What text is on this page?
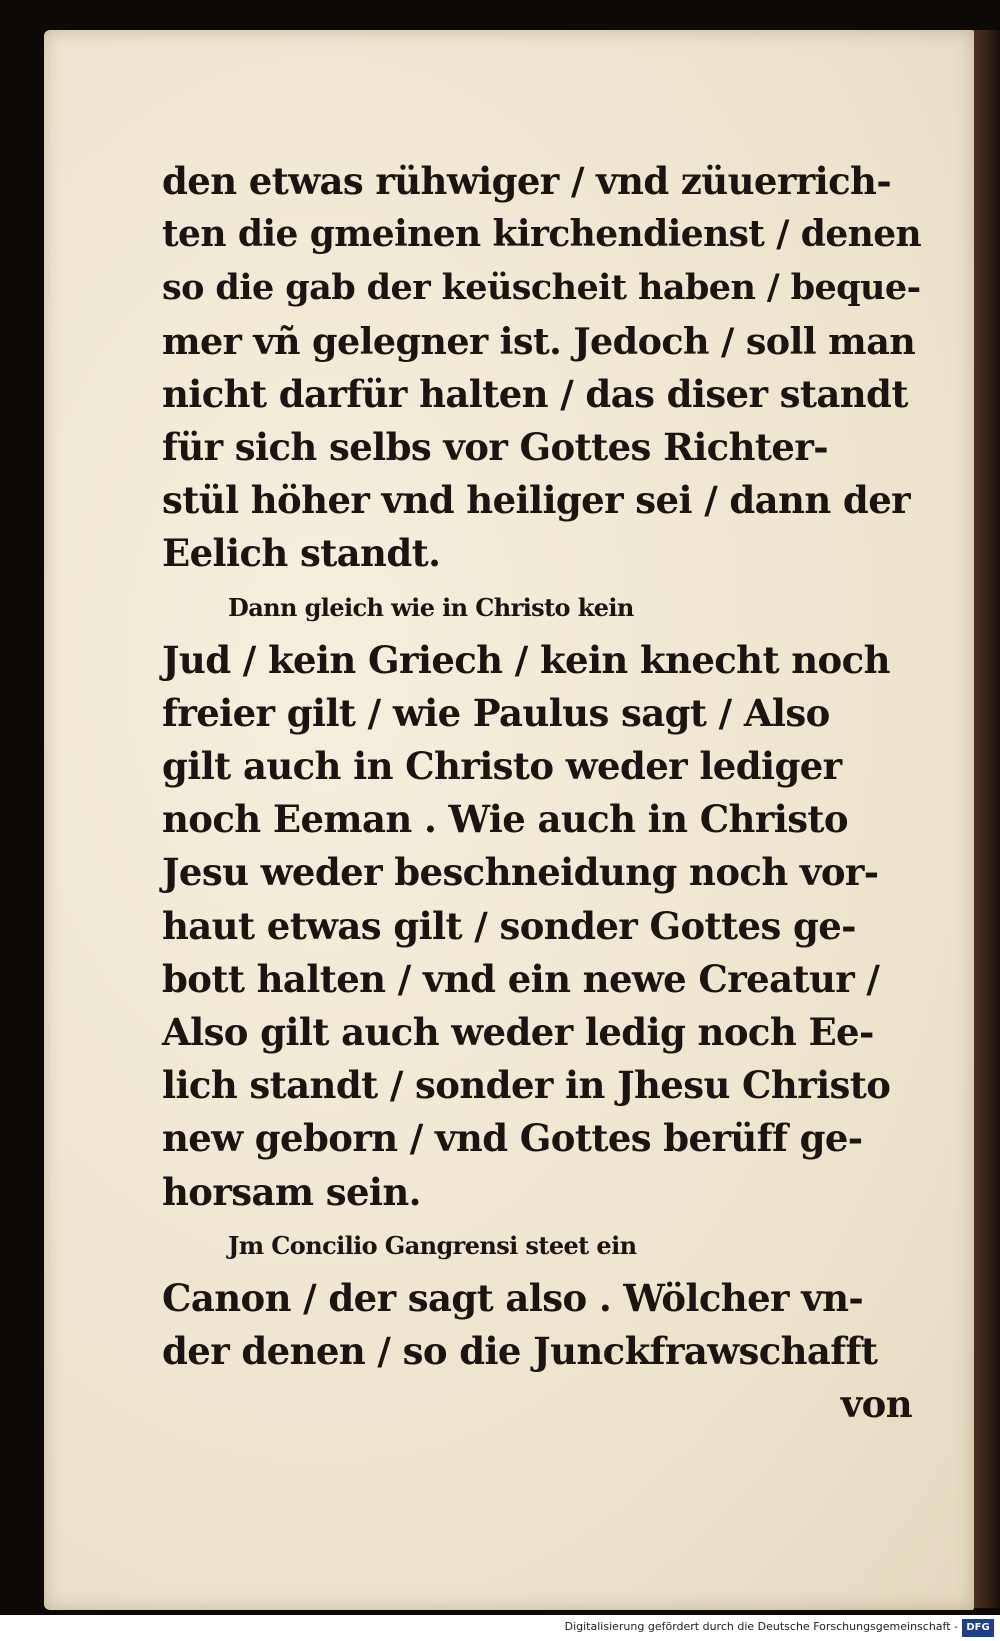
den etwas rühwiger / vnd züuerrich-
ten die gmeinen kirchendienst / denen
so die gab der keüscheit haben / beque-
mer vñ gelegner ist. Jedoch / soll man
nicht darfür halten / das diser standt
für sich selbs vor Gottes Richter-
stül höher vnd heiliger sei / dann der
Eelich standt.
Dann gleich wie in Christo kein
Jud / kein Griech / kein knecht noch
freier gilt / wie Paulus sagt / Also
gilt auch in Christo weder lediger
noch Eeman . Wie auch in Christo
Jesu weder beschneidung noch vor-
haut etwas gilt / sonder Gottes ge-
bott halten / vnd ein newe Creatur /
Also gilt auch weder ledig noch Ee-
lich standt / sonder in Jhesu Christo
new geborn / vnd Gottes berüff ge-
horsam sein.
Jm Concilio Gangrensi steet ein
Canon / der sagt also . Wölcher vn-
der denen / so die Junckfrawschafft
von
Digitalisierung gefördert durch die Deutsche Forschungsgemeinschaft - DFG
